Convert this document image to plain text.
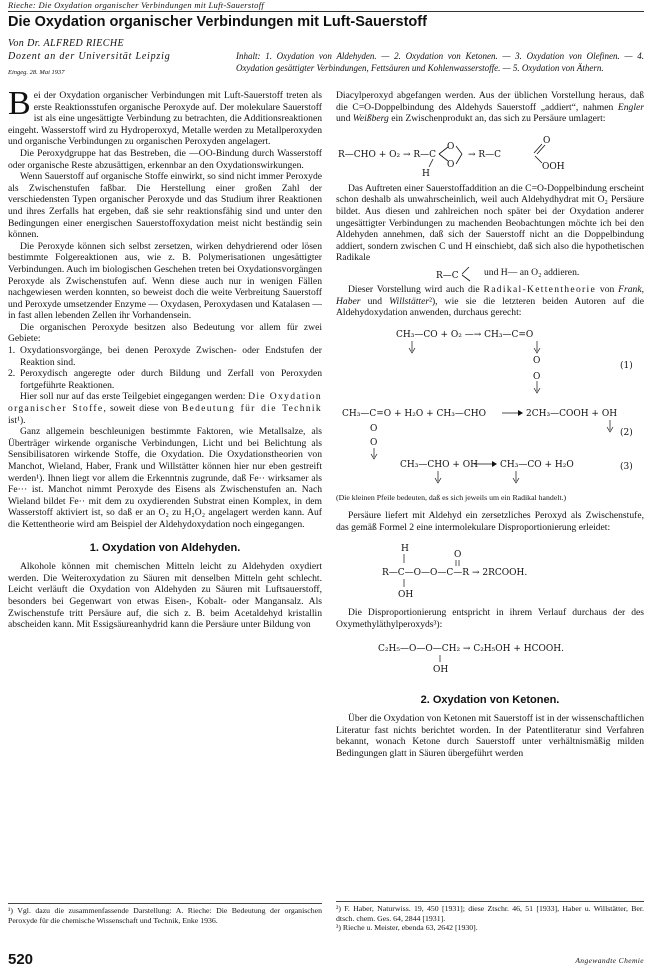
Rieche: Die Oxydation organischer Verbindungen mit Luft-Sauerstoff
Die Oxydation organischer Verbindungen mit Luft-Sauerstoff
Von Dr. ALFRED RIECHE
Dozent an der Universität Leipzig
Eingeg. 28. Mai 1937
Inhalt: 1. Oxydation von Aldehyden. — 2. Oxydation von Ketonen. — 3. Oxydation von Olefinen. — 4. Oxydation gesättigter Verbindungen, Fettsäuren und Kohlenwasserstoffe. — 5. Oxydation von Äthern.

Bei der Oxydation organischer Verbindungen mit Luft-Sauerstoff treten als erste Reaktionsstufen organische Peroxyde auf. Der molekulare Sauerstoff ist als eine ungesättigte Verbindung zu betrachten, die Additionsreaktionen eingeht. Wasserstoff wird zu Hydroperoxyd, Metalle werden zu Metallperoxyden und organische Verbindungen zu organischen Peroxyden angelagert.

Die Peroxydgruppe hat das Bestreben, die —OO-Bindung durch Wasserstoff oder organische Reste abzusättigen, erkennbar an den Oxydationswirkungen.

Wenn Sauerstoff auf organische Stoffe einwirkt, so sind nicht immer Peroxyde als Zwischenstufen faßbar. Die Herstellung einer großen Zahl der verschiedensten Typen organischer Peroxyde und das Studium ihrer Reaktionen und ihres Zerfalls hat ergeben, daß sie sehr reaktionsfähig sind und unter den Bedingungen einer energischen Sauerstoffoxydation meist nicht beständig sein können.

Die Peroxyde können sich selbst zersetzen, wirken dehydrierend oder lösen bestimmte Folgereaktionen aus, wie z. B. Polymerisationen ungesättigter Verbindungen. Auch im biologischen Geschehen treten bei Oxydationsvorgängen Peroxyde als Zwischenstufen auf. Wenn diese auch nur in wenigen Fällen nachgewiesen werden konnten, so beweist doch die weite Verbreitung Sauerstoff und Peroxyde umsetzender Enzyme — Oxydasen, Peroxydasen und Katalasen — in fast allen lebenden Zellen ihr Vorhandensein.

Die organischen Peroxyde besitzen also Bedeutung vor allem für zwei Gebiete:

1. Oxydationsvorgänge, bei denen Peroxyde Zwischen- oder Endstufen der Reaktion sind.
2. Peroxydisch angeregte oder durch Bildung und Zerfall von Peroxyden fortgeführte Reaktionen.

Hier soll nur auf das erste Teilgebiet eingegangen werden: Die Oxydation organischer Stoffe, soweit diese von Bedeutung für die Technik ist¹).

Ganz allgemein beschleunigen bestimmte Faktoren, wie Metallsalze, als Überträger wirkende organische Verbindungen, Licht und bei Belichtung als Sensibilisatoren wirkende Stoffe, die Oxydation. Die Oxydationstheorien von Manchot, Wieland, Haber, Frank und Willstätter können hier nur eben gestreift werden¹). Ihnen liegt vor allem die Erkenntnis zugrunde, daß Fe·· wirksamer als Fe··· ist. Manchot nimmt Peroxyde des Eisens als Zwischenstufen an. Nach Wieland bildet Fe·· mit dem zu oxydierenden Substrat einen Komplex, in dem Wasserstoff aktiviert ist, so daß er an O₂ zu H₂O₂ angelagert werden kann. Auf die Kettentheorie wird am Beispiel der Aldehydoxydation noch eingegangen.

1. Oxydation von Aldehyden.

Alkohole können mit chemischen Mitteln leicht zu Aldehyden oxydiert werden. Die Weiteroxydation zu Säuren mit denselben Mitteln geht schlecht. Leicht verläuft die Oxydation von Aldehyden zu Säuren mit Luftsauerstoff, besonders bei Gegenwart von etwas Eisen-, Kobalt- oder Mangansalz. Als Zwischenstufe tritt Persäure auf, die sich z. B. beim Acetaldehyd kristallin abscheiden kann. Mit Essigsäureanhydrid kann die Persäure unter Bildung von

¹) Vgl. dazu die zusammenfassende Darstellung: A. Rieche: Die Bedeutung der organischen Peroxyde für die chemische Wissenschaft und Technik, Enke 1936.

Diacylperoxyd abgefangen werden. Aus der üblichen Vorstellung heraus, daß die C=O-Doppelbindung des Aldehyds Sauerstoff „addiert“, nahmen Engler und Weißberg ein Zwischenprodukt an, das sich zu Persäure umlagert:

R—CHO + O₂ → R—C
O
O
H
→ R—C
O
OOH

Das Auftreten einer Sauerstoffaddition an die C=O-Doppelbindung erscheint schon deshalb als unwahrscheinlich, weil auch Aldehydhydrat mit O₂ Persäure bildet. Aus diesen und zahlreichen noch später bei der Oxydation anderer ungesättigter Verbindungen zu machenden Beobachtungen möchte ich bei den Aldehyden annehmen, daß sich der Sauerstoff nicht an die Doppelbindung addiert, sondern zwischen C und H einschiebt, daß sich also die hypothetischen Radikale

R—C	und H— an O₂ addieren.

Dieser Vorstellung wird auch die Radikal-Kettentheorie von Frank, Haber und Willstätter²), wie sie die letzteren beiden Autoren auf die Aldehydoxydation anwenden, durchaus gerecht:

CH₃—CO + O₂ —→ CH₃—C=O
O
O
(1)
CH₃—C=O + H₂O + CH₃—CHO	2CH₃—COOH + OH
O
O
(2)
CH₃—CHO + OH CH₃—CO + H₂O	(3)

(Die kleinen Pfeile bedeuten, daß es sich jeweils um ein Radikal handelt.)

Persäure liefert mit Aldehyd ein zersetzliches Peroxyd als Zwischenstufe, das gemäß Formel 2 eine intermolekulare Disproportionierung erleidet:

H
O
R—C—O—O—C—R → 2RCOOH.
OH

Die Disproportionierung entspricht in ihrem Verlauf durchaus der des Oxymethyläthylperoxyds³):

C₂H₅—O—O—CH₂ → C₂H₅OH + HCOOH.
OH
2. Oxydation von Ketonen.

Über die Oxydation von Ketonen mit Sauerstoff ist in der wissenschaftlichen Literatur fast nichts berichtet worden. In der Patentliteratur sind Verfahren bekannt, wonach Ketone durch Sauerstoff unter verhältnismäßig milden Bedingungen glatt in Säuren übergeführt werden

²) F. Haber, Naturwiss. 19, 450 [1931]; diese Ztschr. 46, 51 [1933], Haber u. Willstätter, Ber. dtsch. chem. Ges. 64, 2844 [1931].
³) Rieche u. Meister, ebenda 63, 2642 [1930].
520	Angewandte Chemie
